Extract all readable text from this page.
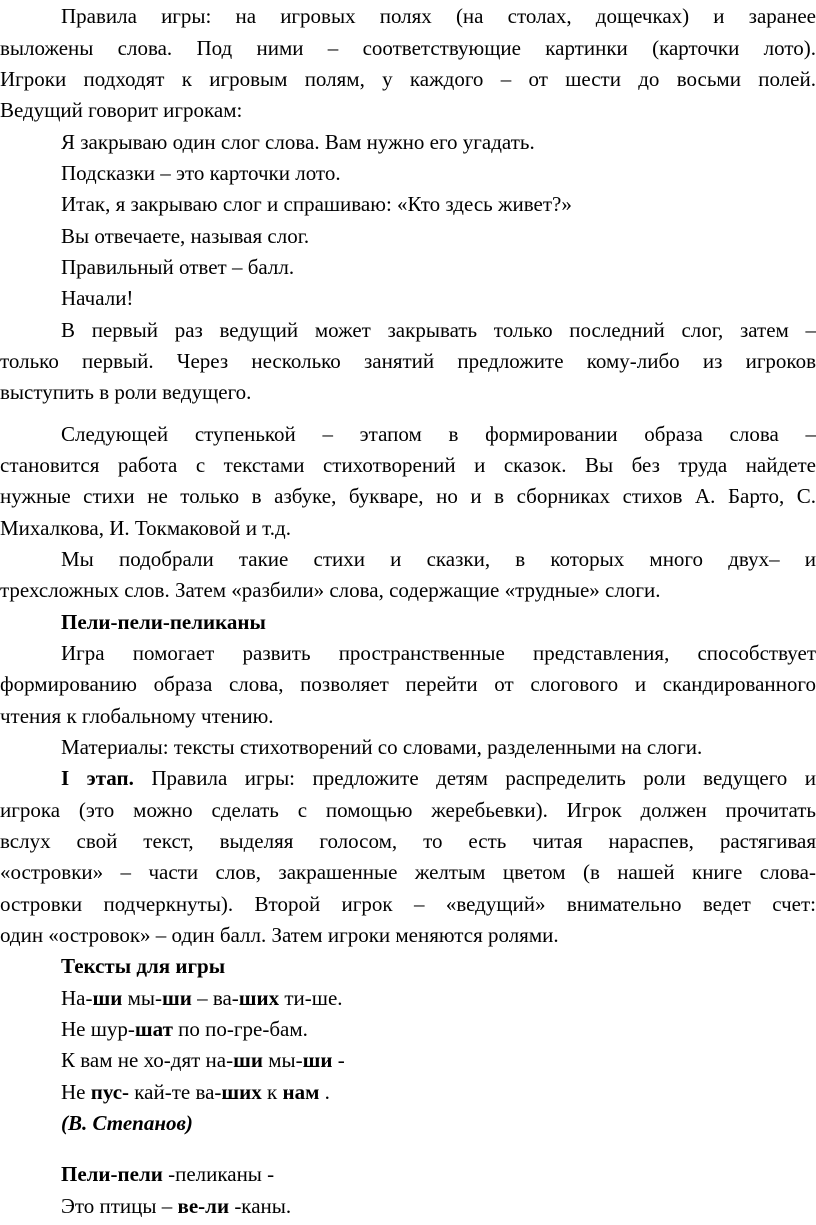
Правила игры: на игровых полях (на столах, дощечках) и заранее
выложены слова. Под ними – соответствующие картинки (карточки лото).
Игроки подходят к игровым полям, у каждого – от шести до восьми полей.
Ведущий говорит игрокам:
Я закрываю один слог слова. Вам нужно его угадать.
Подсказки – это карточки лото.
Итак, я закрываю слог и спрашиваю: «Кто здесь живет?»
Вы отвечаете, называя слог.
Правильный ответ – балл.
Начали!
В первый раз ведущий может закрывать только последний слог, затем –
только первый. Через несколько занятий предложите кому-либо из игроков
выступить в роли ведущего.
Следующей ступенькой – этапом в формировании образа слова –
становится работа с текстами стихотворений и сказок. Вы без труда найдете
нужные стихи не только в азбуке, букваре, но и в сборниках стихов А. Барто, С.
Михалкова, И. Токмаковой и т.д.
Мы подобрали такие стихи и сказки, в которых много двух– и
трехсложных слов. Затем «разбили» слова, содержащие «трудные» слоги.
Пели-пели-пеликаны
Игра помогает развить пространственные представления, способствует
формированию образа слова, позволяет перейти от слогового и скандированного
чтения к глобальному чтению.
Материалы: тексты стихотворений со словами, разделенными на слоги.
I этап. Правила игры: предложите детям распределить роли ведущего и
игрока (это можно сделать с помощью жеребьевки). Игрок должен прочитать
вслух свой текст, выделяя голосом, то есть читая нараспев, растягивая
«островки» – части слов, закрашенные желтым цветом (в нашей книге слова-
островки подчеркнуты). Второй игрок – «ведущий» внимательно ведет счет:
один «островок» – один балл. Затем игроки меняются ролями.
Тексты для игры
На-ши мы-ши – ва-ших ти-ше.
Не шур-шат по по-гре-бам.
К вам не хо-дят на-ши мы-ши -
Не пус- кай-те ва-ших к нам .
(В. Степанов)
Пели-пели -пеликаны -
Это птицы – ве-ли -каны.
